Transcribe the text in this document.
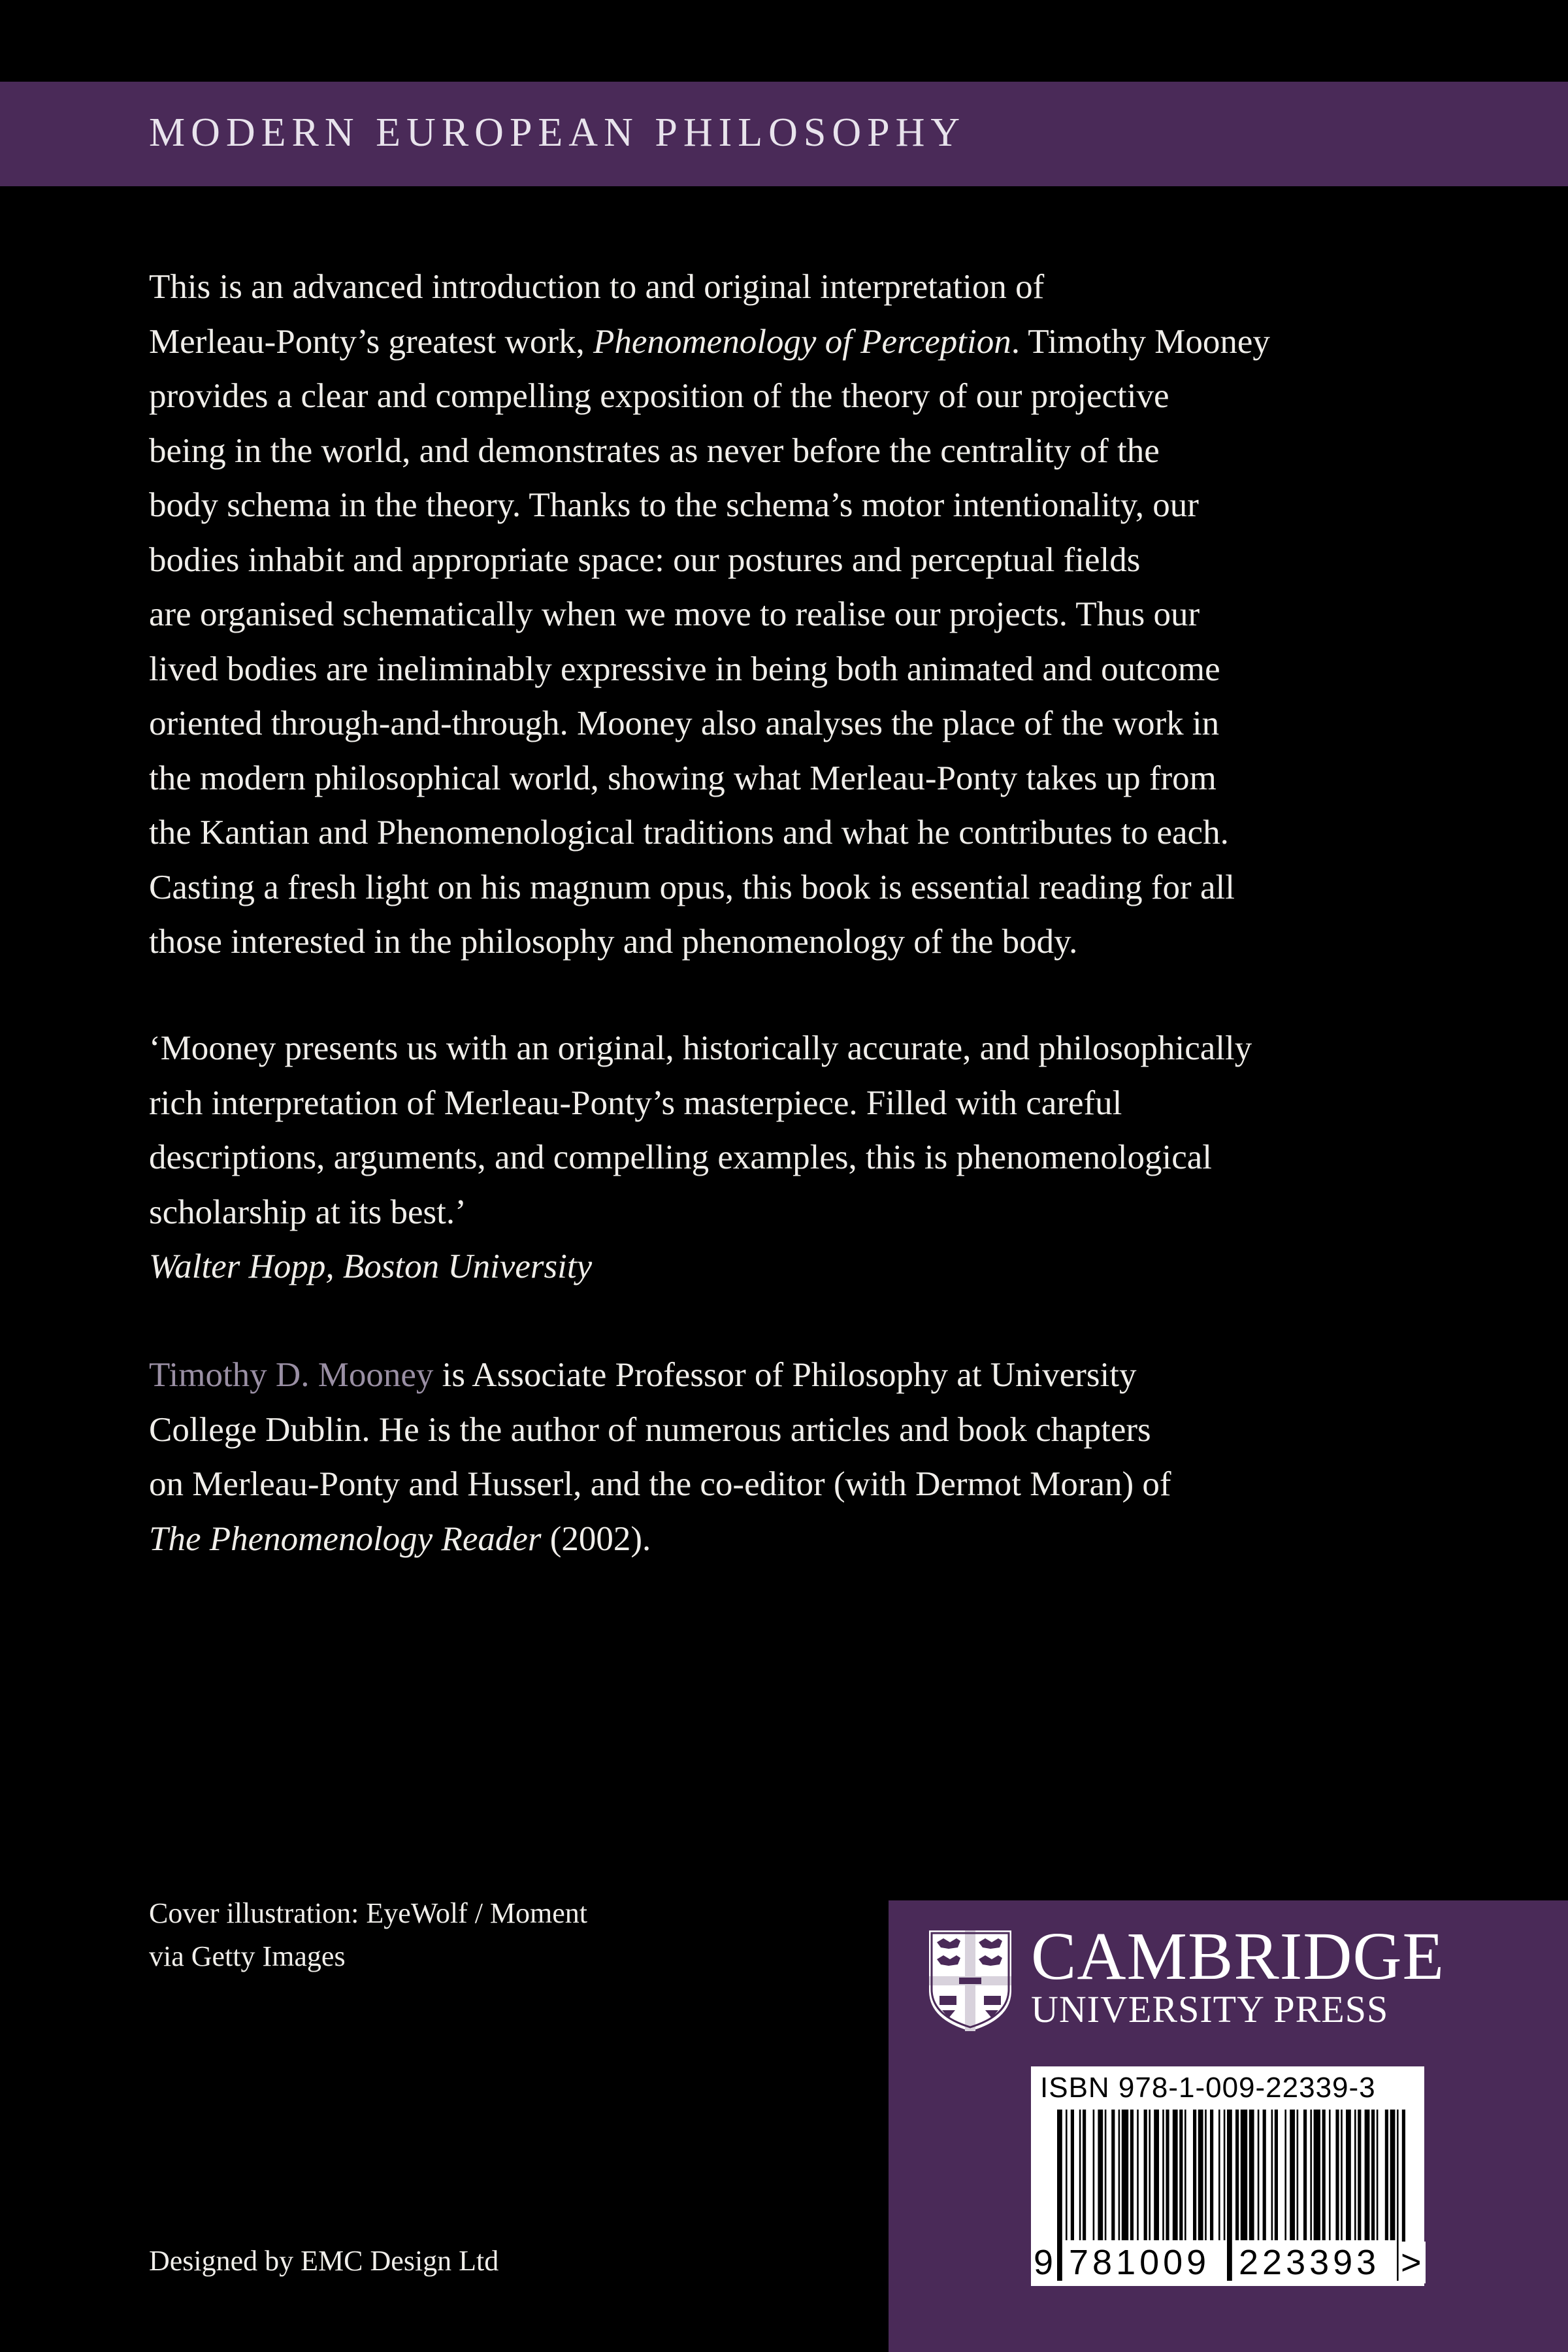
MODERN EUROPEAN PHILOSOPHY
This is an advanced introduction to and original interpretation of
Merleau-Ponty’s greatest work, Phenomenology of Perception. Timothy Mooney
provides a clear and compelling exposition of the theory of our projective
being in the world, and demonstrates as never before the centrality of the
body schema in the theory. Thanks to the schema’s motor intentionality, our
bodies inhabit and appropriate space: our postures and perceptual fields
are organised schematically when we move to realise our projects. Thus our
lived bodies are ineliminably expressive in being both animated and outcome
oriented through-and-through. Mooney also analyses the place of the work in
the modern philosophical world, showing what Merleau-Ponty takes up from
the Kantian and Phenomenological traditions and what he contributes to each.
Casting a fresh light on his magnum opus, this book is essential reading for all
those interested in the philosophy and phenomenology of the body.
‘Mooney presents us with an original, historically accurate, and philosophically
rich interpretation of Merleau-Ponty’s masterpiece. Filled with careful
descriptions, arguments, and compelling examples, this is phenomenological
scholarship at its best.’
Walter Hopp, Boston University
Timothy D. Mooney is Associate Professor of Philosophy at University
College Dublin. He is the author of numerous articles and book chapters
on Merleau-Ponty and Husserl, and the co-editor (with Dermot Moran) of
The Phenomenology Reader (2002).
Cover illustration: EyeWolf / Moment
via Getty Images
Designed by EMC Design Ltd
CAMBRIDGE
UNIVERSITY PRESS
ISBN 978-1-009-22339-3
9 781009 223393 >
